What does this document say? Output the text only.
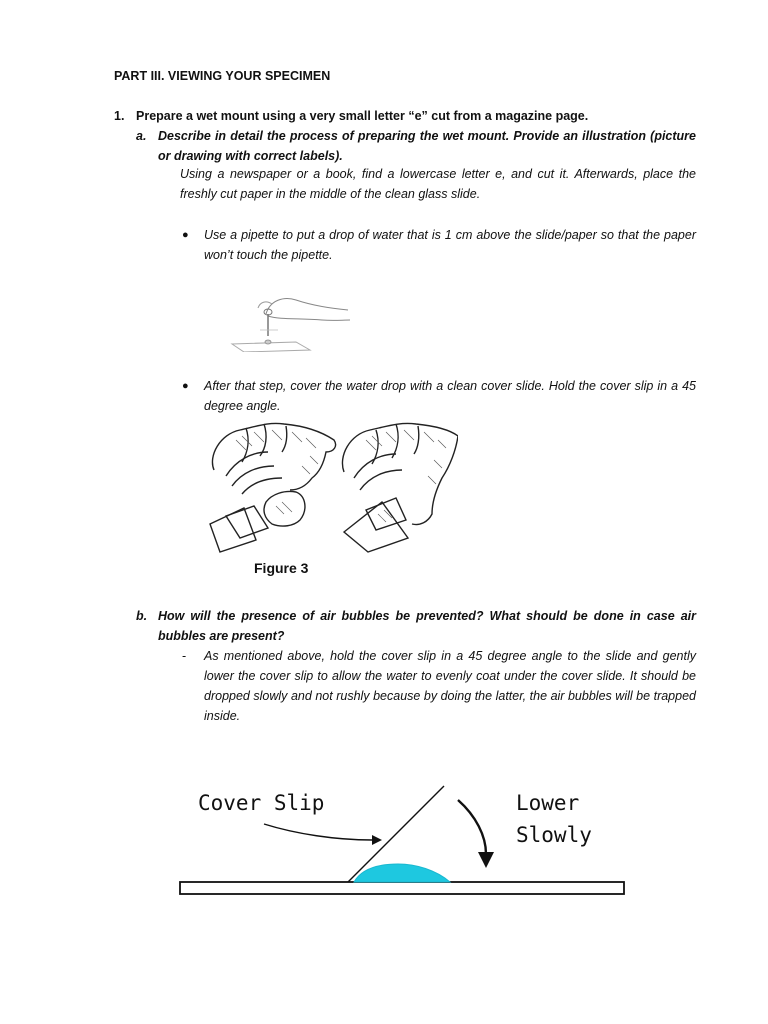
PART III. VIEWING YOUR SPECIMEN
1. Prepare a wet mount using a very small letter “e” cut from a magazine page.
a. Describe in detail the process of preparing the wet mount. Provide an illustration (picture or drawing with correct labels).
Using a newspaper or a book, find a lowercase letter e, and cut it. Afterwards, place the freshly cut paper in the middle of the clean glass slide.
● Use a pipette to put a drop of water that is 1 cm above the slide/paper so that the paper won’t touch the pipette.
● After that step, cover the water drop with a clean cover slide. Hold the cover slip in a 45 degree angle.
Figure 3
b. How will the presence of air bubbles be prevented? What should be done in case air bubbles are present?
- As mentioned above, hold the cover slip in a 45 degree angle to the slide and gently lower the cover slip to allow the water to evenly coat under the cover slide. It should be dropped slowly and not rushly because by doing the latter, the air bubbles will be trapped inside.
Cover Slip	Lower
Slowly
